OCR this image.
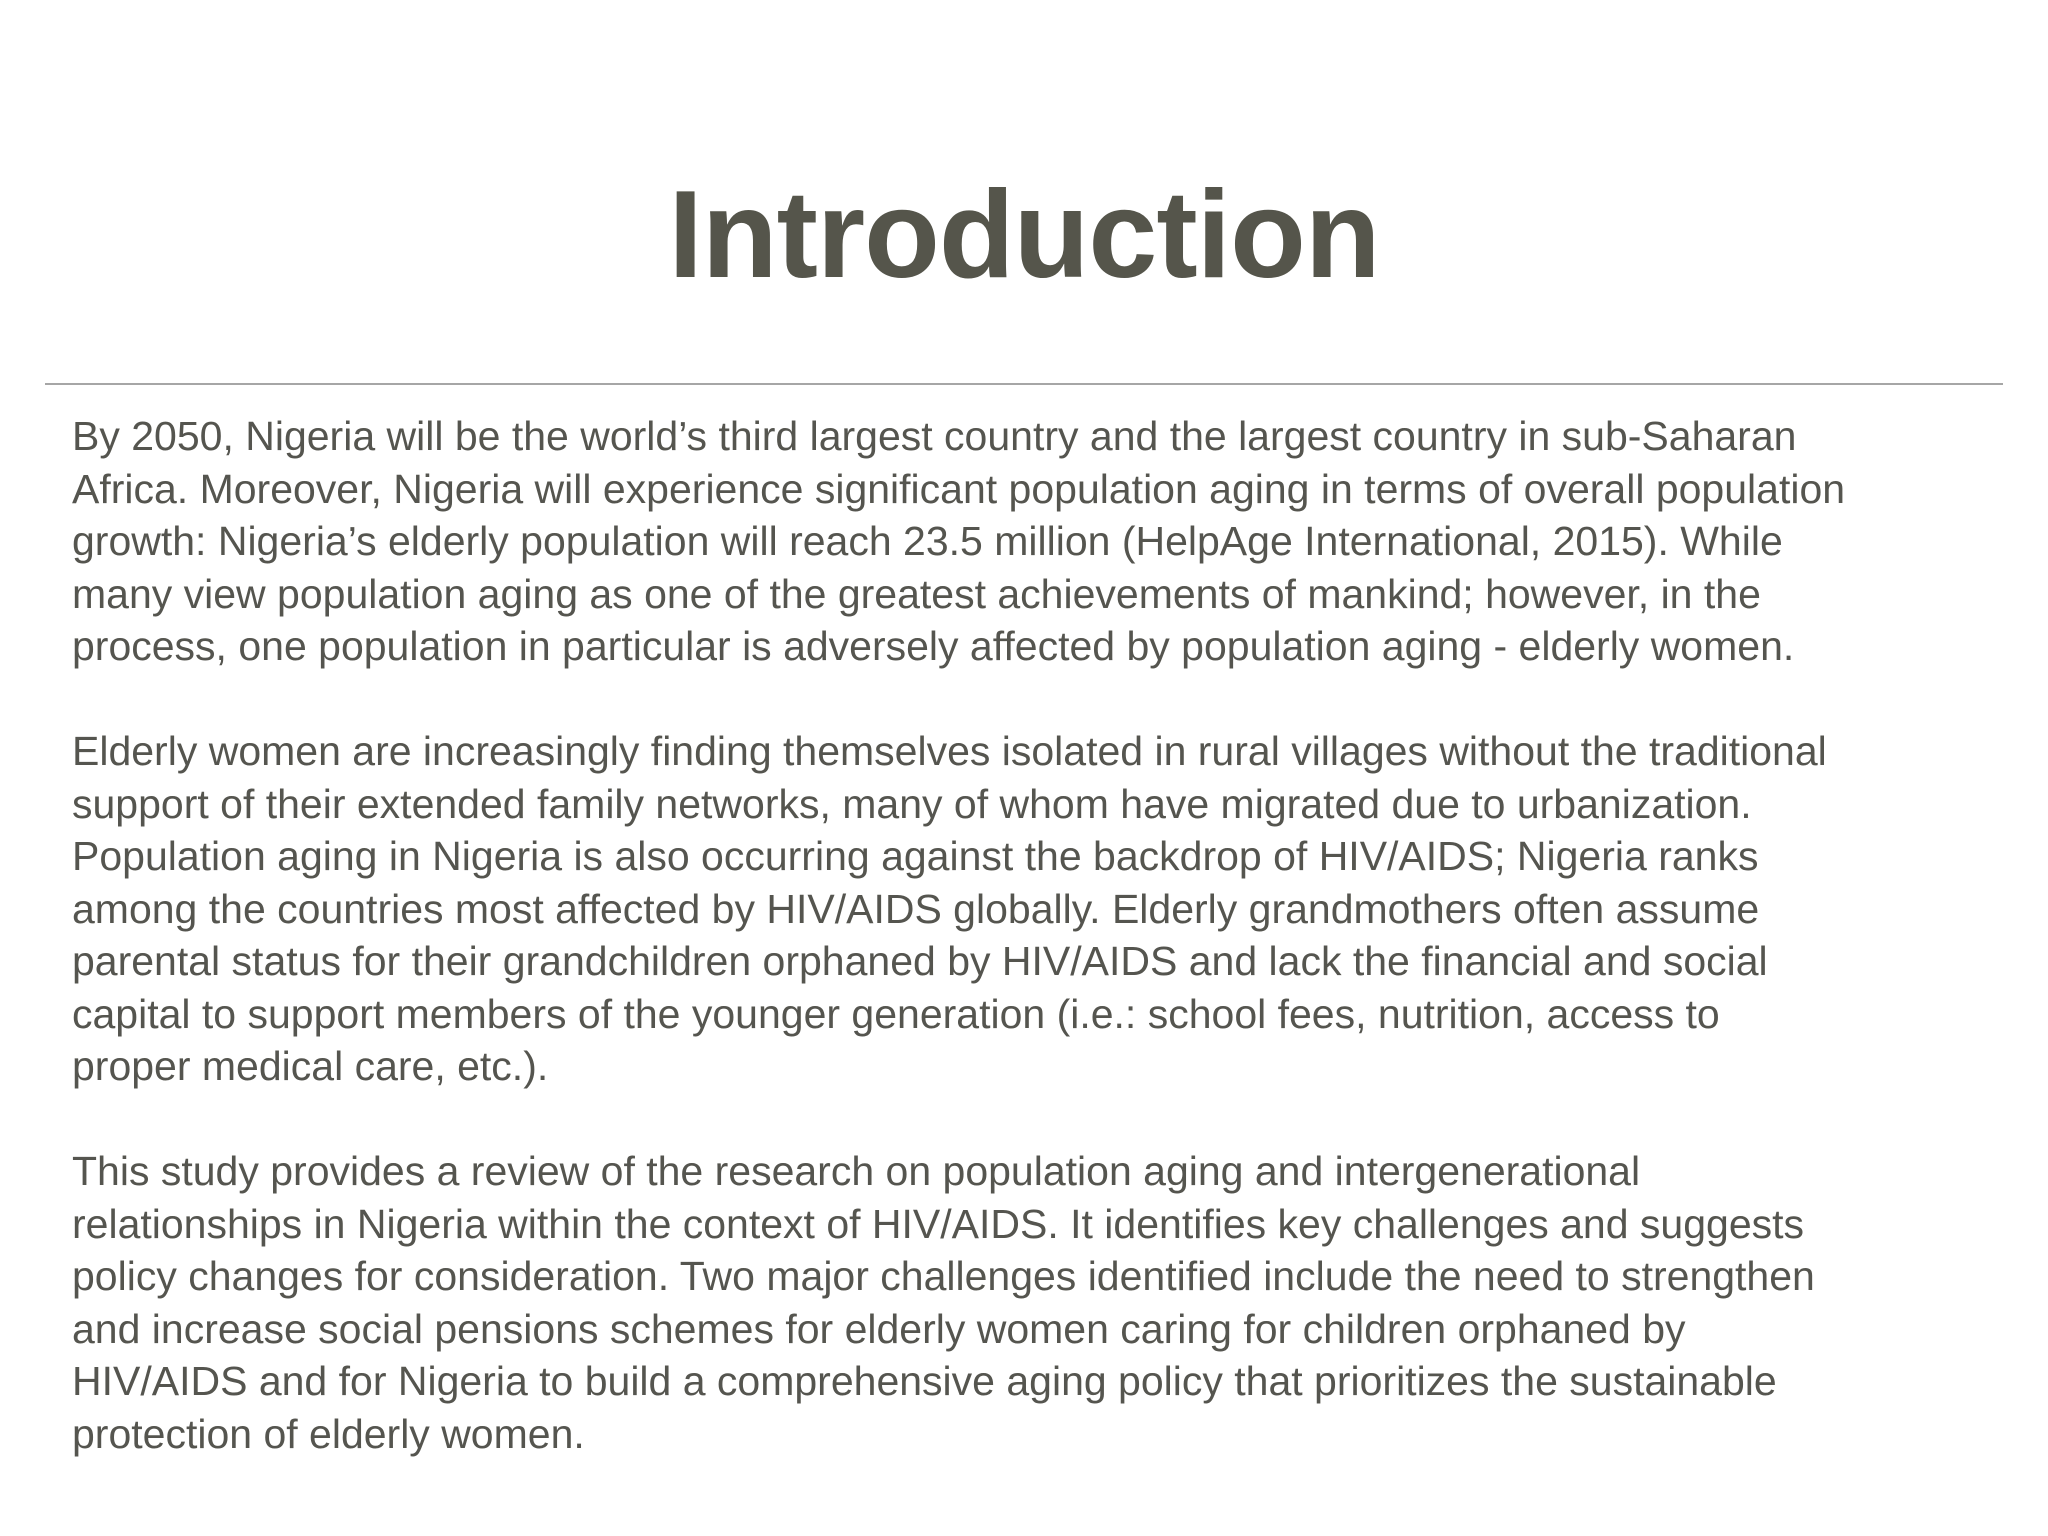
Introduction

By 2050, Nigeria will be the world’s third largest country and the largest country in sub-Saharan
Africa. Moreover, Nigeria will experience significant population aging in terms of overall population
growth: Nigeria’s elderly population will reach 23.5 million (HelpAge International, 2015). While
many view population aging as one of the greatest achievements of mankind; however, in the
process, one population in particular is adversely affected by population aging - elderly women.

Elderly women are increasingly finding themselves isolated in rural villages without the traditional
support of their extended family networks, many of whom have migrated due to urbanization.
Population aging in Nigeria is also occurring against the backdrop of HIV/AIDS; Nigeria ranks
among the countries most affected by HIV/AIDS globally. Elderly grandmothers often assume
parental status for their grandchildren orphaned by HIV/AIDS and lack the financial and social
capital to support members of the younger generation (i.e.: school fees, nutrition, access to
proper medical care, etc.).

This study provides a review of the research on population aging and intergenerational
relationships in Nigeria within the context of HIV/AIDS. It identifies key challenges and suggests
policy changes for consideration. Two major challenges identified include the need to strengthen
and increase social pensions schemes for elderly women caring for children orphaned by
HIV/AIDS and for Nigeria to build a comprehensive aging policy that prioritizes the sustainable
protection of elderly women.
